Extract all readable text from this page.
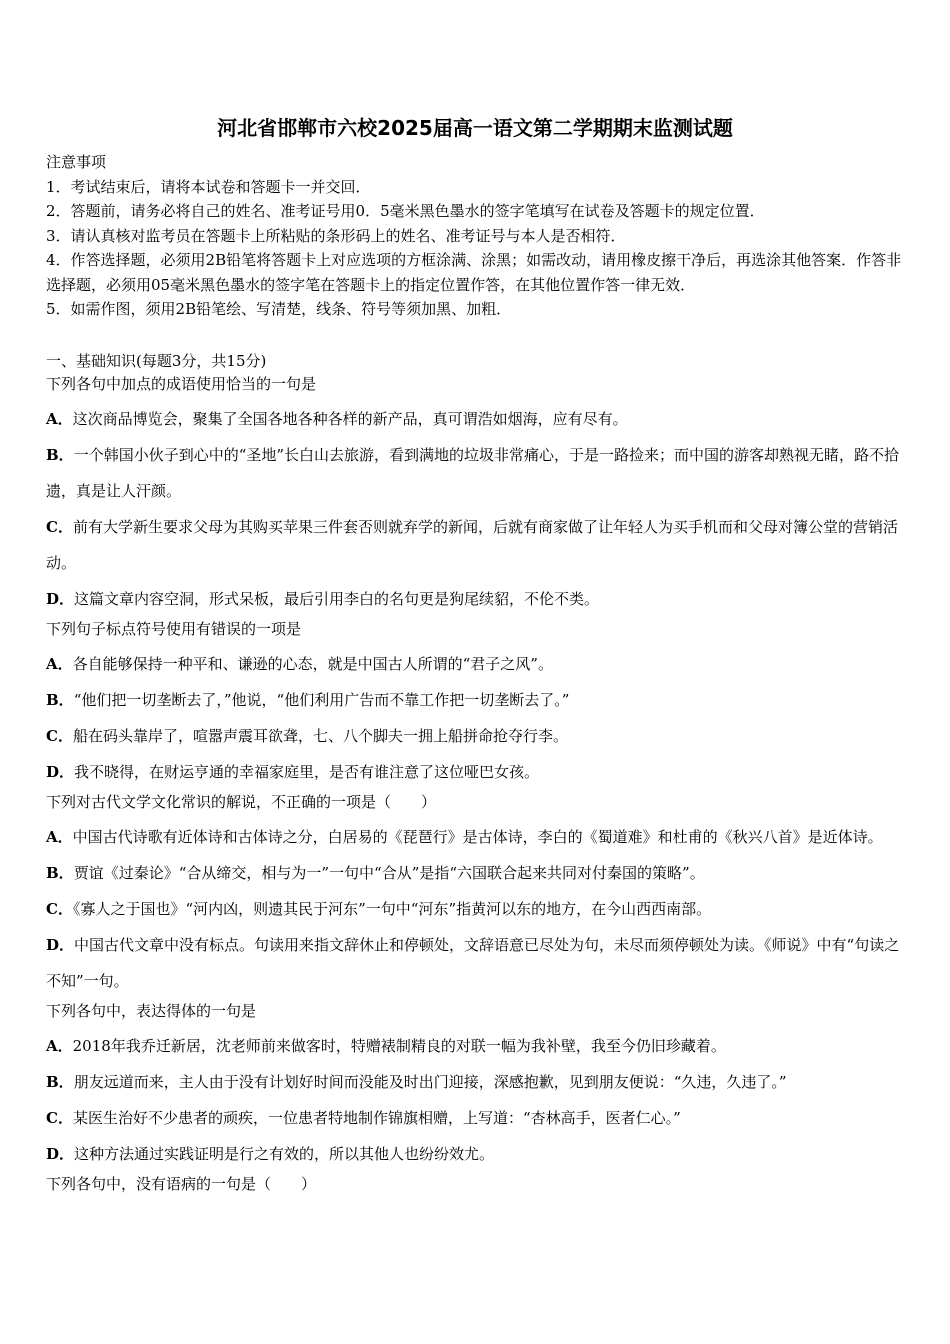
河北省邯郸市六校2025届高一语文第二学期期末监测试题
注意事项
1．考试结束后，请将本试卷和答题卡一并交回．
2．答题前，请务必将自己的姓名、准考证号用0．5毫米黑色墨水的签字笔填写在试卷及答题卡的规定位置．
3．请认真核对监考员在答题卡上所粘贴的条形码上的姓名、准考证号与本人是否相符．
4．作答选择题，必须用2B铅笔将答题卡上对应选项的方框涂满、涂黑；如需改动，请用橡皮擦干净后，再选涂其他答案．作答非选择题，必须用05毫米黑色墨水的签字笔在答题卡上的指定位置作答，在其他位置作答一律无效．
5．如需作图，须用2B铅笔绘、写清楚，线条、符号等须加黑、加粗．
一、基础知识(每题3分，共15分)
下列各句中加点的成语使用恰当的一句是

A．这次商品博览会，聚集了全国各地各种各样的新产品，真可谓浩如烟海，应有尽有。

B．一个韩国小伙子到心中的“圣地”长白山去旅游，看到满地的垃圾非常痛心，于是一路捡来；而中国的游客却熟视无睹，路不拾遗，真是让人汗颜。

C．前有大学新生要求父母为其购买苹果三件套否则就弃学的新闻，后就有商家做了让年轻人为买手机而和父母对簿公堂的营销活动。

D．这篇文章内容空洞，形式呆板，最后引用李白的名句更是狗尾续貂，不伦不类。

下列句子标点符号使用有错误的一项是

A．各自能够保持一种平和、谦逊的心态，就是中国古人所谓的“君子之风”。

B．“他们把一切垄断去了，”他说，“他们利用广告而不靠工作把一切垄断去了。”

C．船在码头靠岸了，喧嚣声震耳欲聋，七、八个脚夫一拥上船拼命抢夺行李。

D．我不晓得，在财运亨通的幸福家庭里，是否有谁注意了这位哑巴女孩。

下列对古代文学文化常识的解说，不正确的一项是（　　）

A．中国古代诗歌有近体诗和古体诗之分，白居易的《琵琶行》是古体诗，李白的《蜀道难》和杜甫的《秋兴八首》是近体诗。

B．贾谊《过秦论》“合从缔交，相与为一”一句中“合从”是指“六国联合起来共同对付秦国的策略”。

C．《寡人之于国也》“河内凶，则遗其民于河东”一句中“河东”指黄河以东的地方，在今山西西南部。

D．中国古代文章中没有标点。句读用来指文辞休止和停顿处，文辞语意已尽处为句，未尽而须停顿处为读。《师说》中有“句读之不知”一句。

下列各句中，表达得体的一句是

A．2018年我乔迁新居，沈老师前来做客时，特赠裱制精良的对联一幅为我补壁，我至今仍旧珍藏着。

B．朋友远道而来，主人由于没有计划好时间而没能及时出门迎接，深感抱歉，见到朋友便说：“久违，久违了。”

C．某医生治好不少患者的顽疾，一位患者特地制作锦旗相赠，上写道：“杏林高手，医者仁心。”

D．这种方法通过实践证明是行之有效的，所以其他人也纷纷效尤。

下列各句中，没有语病的一句是（　　）
